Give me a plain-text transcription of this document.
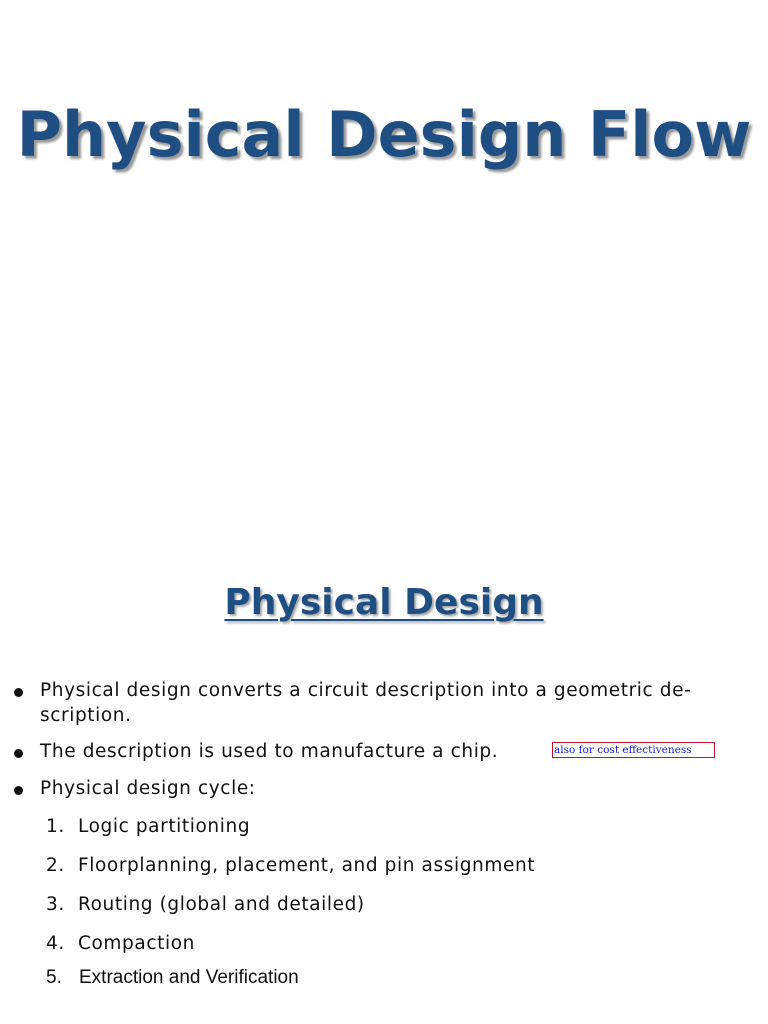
Physical Design Flow
Physical Design
Physical design converts a circuit description into a geometric de- scription.
The description is used to manufacture a chip.	also for cost effectiveness
Physical design cycle:
1. Logic partitioning
2. Floorplanning, placement, and pin assignment
3. Routing (global and detailed)
4. Compaction
5. Extraction and Verification
